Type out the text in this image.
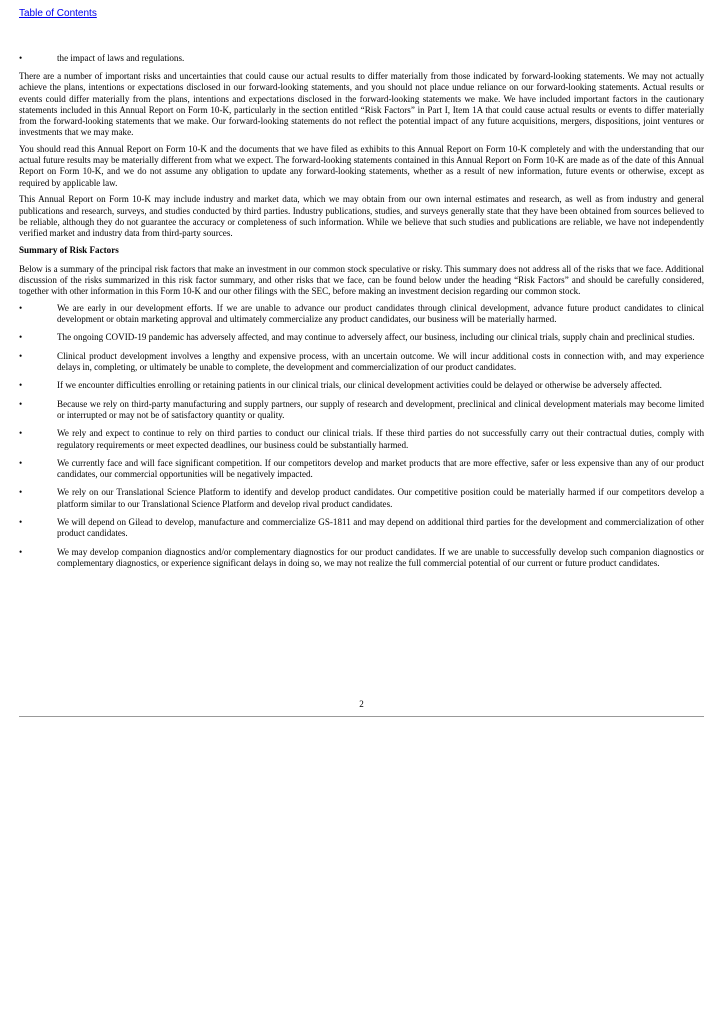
Table of Contents
•	the impact of laws and regulations.

There are a number of important risks and uncertainties that could cause our actual results to differ materially from those indicated by forward-looking statements. We may not actually achieve the plans, intentions or expectations disclosed in our forward-looking statements, and you should not place undue reliance on our forward-looking statements. Actual results or events could differ materially from the plans, intentions and expectations disclosed in the forward-looking statements we make. We have included important factors in the cautionary statements included in this Annual Report on Form 10-K, particularly in the section entitled “Risk Factors” in Part I, Item 1A that could cause actual results or events to differ materially from the forward-looking statements that we make. Our forward-looking statements do not reflect the potential impact of any future acquisitions, mergers, dispositions, joint ventures or investments that we may make.

You should read this Annual Report on Form 10-K and the documents that we have filed as exhibits to this Annual Report on Form 10-K completely and with the understanding that our actual future results may be materially different from what we expect. The forward-looking statements contained in this Annual Report on Form 10-K are made as of the date of this Annual Report on Form 10-K, and we do not assume any obligation to update any forward-looking statements, whether as a result of new information, future events or otherwise, except as required by applicable law.

This Annual Report on Form 10-K may include industry and market data, which we may obtain from our own internal estimates and research, as well as from industry and general publications and research, surveys, and studies conducted by third parties. Industry publications, studies, and surveys generally state that they have been obtained from sources believed to be reliable, although they do not guarantee the accuracy or completeness of such information. While we believe that such studies and publications are reliable, we have not independently verified market and industry data from third-party sources.

Summary of Risk Factors

Below is a summary of the principal risk factors that make an investment in our common stock speculative or risky. This summary does not address all of the risks that we face. Additional discussion of the risks summarized in this risk factor summary, and other risks that we face, can be found below under the heading “Risk Factors” and should be carefully considered, together with other information in this Form 10-K and our other filings with the SEC, before making an investment decision regarding our common stock.

•	We are early in our development efforts. If we are unable to advance our product candidates through clinical development, advance future product candidates to clinical development or obtain marketing approval and ultimately commercialize any product candidates, our business will be materially harmed.
•	The ongoing COVID-19 pandemic has adversely affected, and may continue to adversely affect, our business, including our clinical trials, supply chain and preclinical studies.
•	Clinical product development involves a lengthy and expensive process, with an uncertain outcome. We will incur additional costs in connection with, and may experience delays in, completing, or ultimately be unable to complete, the development and commercialization of our product candidates.
•	If we encounter difficulties enrolling or retaining patients in our clinical trials, our clinical development activities could be delayed or otherwise be adversely affected.
•	Because we rely on third-party manufacturing and supply partners, our supply of research and development, preclinical and clinical development materials may become limited or interrupted or may not be of satisfactory quantity or quality.
•	We rely and expect to continue to rely on third parties to conduct our clinical trials. If these third parties do not successfully carry out their contractual duties, comply with regulatory requirements or meet expected deadlines, our business could be substantially harmed.
•	We currently face and will face significant competition. If our competitors develop and market products that are more effective, safer or less expensive than any of our product candidates, our commercial opportunities will be negatively impacted.
•	We rely on our Translational Science Platform to identify and develop product candidates. Our competitive position could be materially harmed if our competitors develop a platform similar to our Translational Science Platform and develop rival product candidates.
•	We will depend on Gilead to develop, manufacture and commercialize GS-1811 and may depend on additional third parties for the development and commercialization of other product candidates.
•	We may develop companion diagnostics and/or complementary diagnostics for our product candidates. If we are unable to successfully develop such companion diagnostics or complementary diagnostics, or experience significant delays in doing so, we may not realize the full commercial potential of our current or future product candidates.
2
